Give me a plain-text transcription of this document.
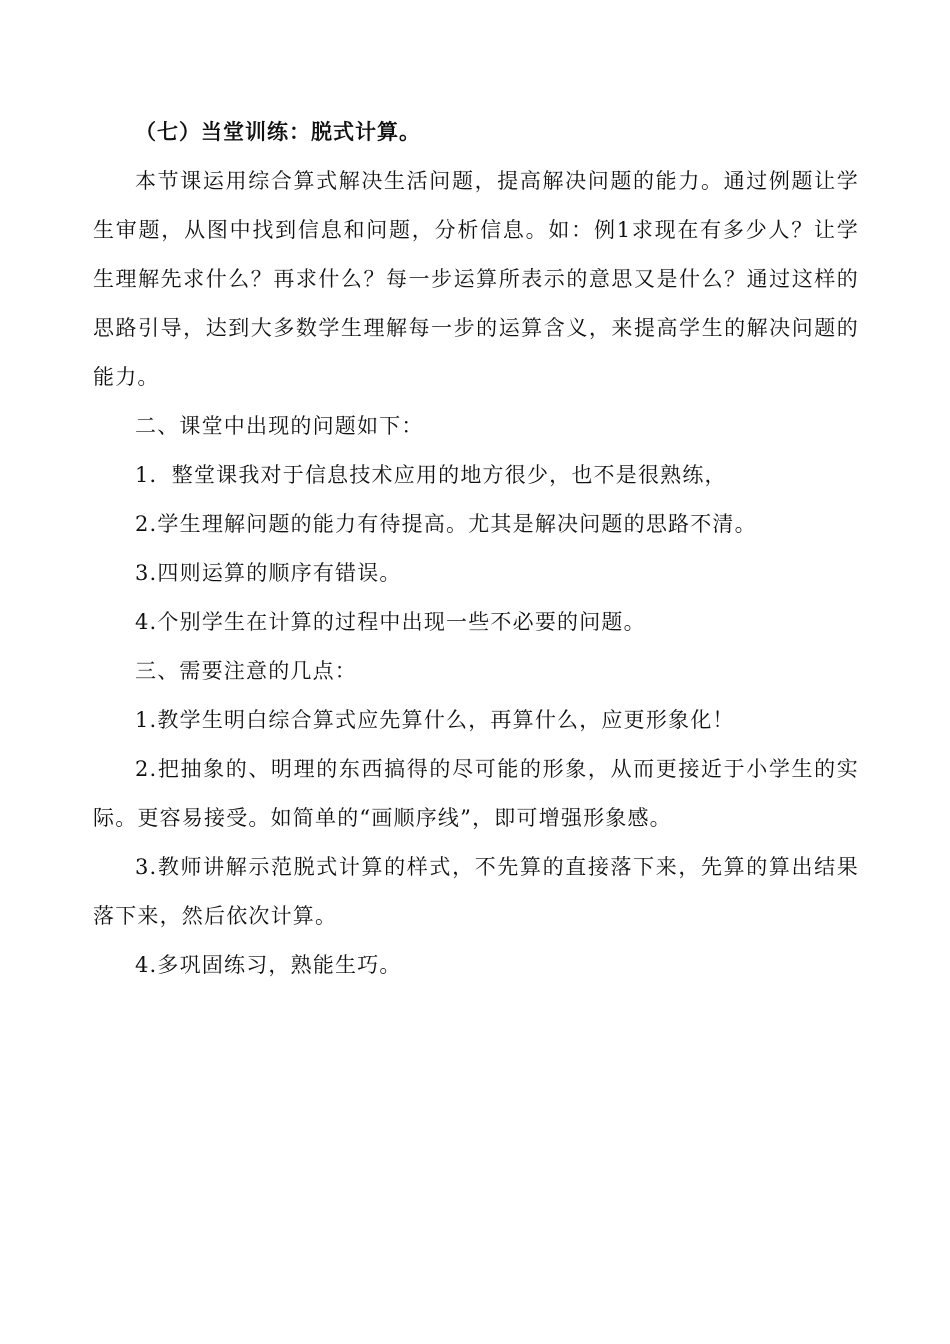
（七）当堂训练：脱式计算。

本节课运用综合算式解决生活问题，提高解决问题的能力。通过例题让学生审题，从图中找到信息和问题，分析信息。如：例1求现在有多少人？让学生理解先求什么？再求什么？每一步运算所表示的意思又是什么？通过这样的思路引导，达到大多数学生理解每一步的运算含义，来提高学生的解决问题的能力。

二、课堂中出现的问题如下：

1．整堂课我对于信息技术应用的地方很少，也不是很熟练，

2.学生理解问题的能力有待提高。尤其是解决问题的思路不清。

3.四则运算的顺序有错误。

4.个别学生在计算的过程中出现一些不必要的问题。

三、需要注意的几点：

1.教学生明白综合算式应先算什么，再算什么，应更形象化！

2.把抽象的、明理的东西搞得的尽可能的形象，从而更接近于小学生的实际。更容易接受。如简单的“画顺序线”，即可增强形象感。

3.教师讲解示范脱式计算的样式，不先算的直接落下来，先算的算出结果落下来，然后依次计算。

4.多巩固练习，熟能生巧。
